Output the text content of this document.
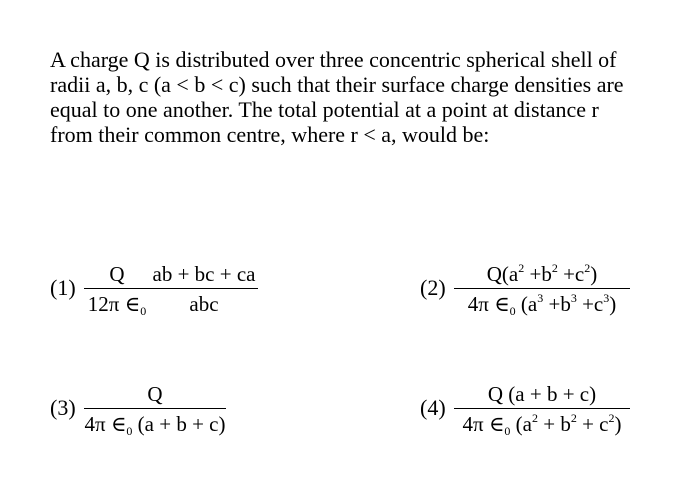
A charge Q is distributed over three concentric spherical shell of radii a, b, c (a < b < c) such that their surface charge densities are equal to one another. The total potential at a point at distance r from their common centre, where r < a, would be:

(1)
Q
12π $\in_0$
ab + bc + ca
abc
(2)
$Q(a^2 +b^2 +c^2)$
4π $\in_0$ $(a^3 +b^3 +c^3)$
(3)
Q
4π $\in_0$ (a + b + c)
(4)
Q (a + b + c)
4π $\in_0$ $(a^2 + b^2 + c^2)$
